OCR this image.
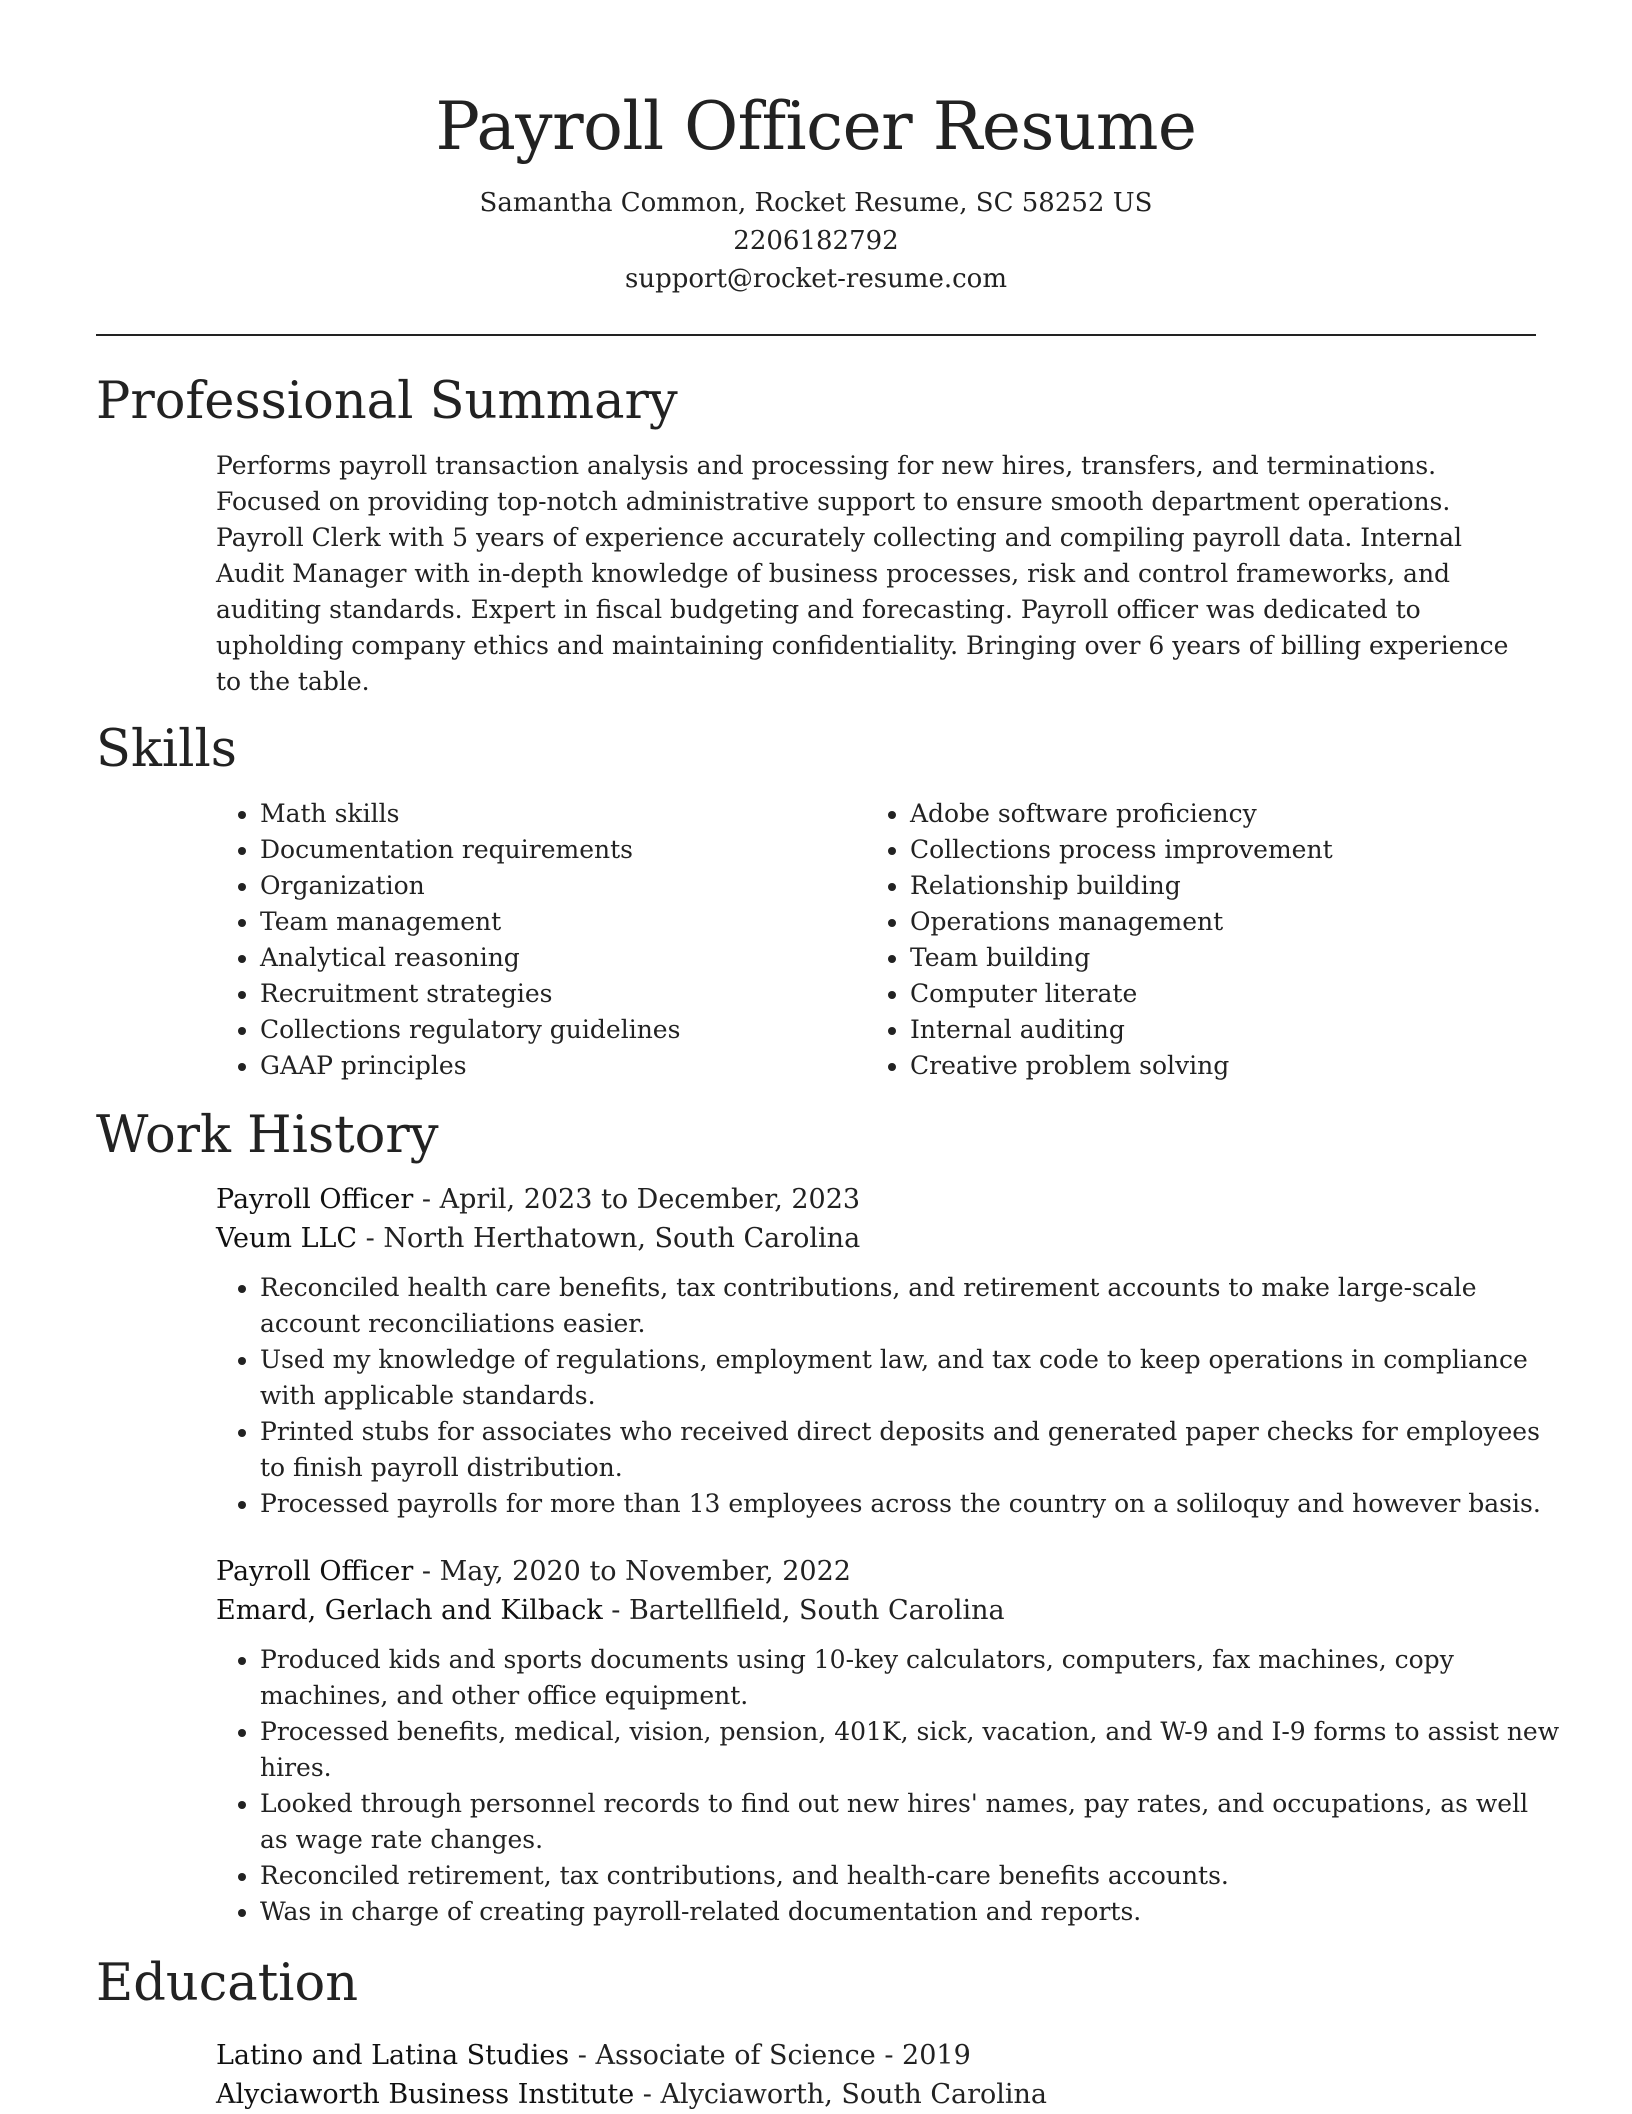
Payroll Officer Resume
Samantha Common, Rocket Resume, SC 58252 US
2206182792
support@rocket-resume.com
Professional Summary

Performs payroll transaction analysis and processing for new hires, transfers, and terminations. Focused on providing top-notch administrative support to ensure smooth department operations. Payroll Clerk with 5 years of experience accurately collecting and compiling payroll data. Internal Audit Manager with in-depth knowledge of business processes, risk and control frameworks, and auditing standards. Expert in fiscal budgeting and forecasting. Payroll officer was dedicated to upholding company ethics and maintaining confidentiality. Bringing over 6 years of billing experience to the table.

Skills
• Math skills
• Documentation requirements
• Organization
• Team management
• Analytical reasoning
• Recruitment strategies
• Collections regulatory guidelines
• GAAP principles
• Adobe software proficiency
• Collections process improvement
• Relationship building
• Operations management
• Team building
• Computer literate
• Internal auditing
• Creative problem solving
Work History
Payroll Officer - April, 2023 to December, 2023
Veum LLC - North Herthatown, South Carolina
• Reconciled health care benefits, tax contributions, and retirement accounts to make large-scale account reconciliations easier.
• Used my knowledge of regulations, employment law, and tax code to keep operations in compliance with applicable standards.
• Printed stubs for associates who received direct deposits and generated paper checks for employees to finish payroll distribution.
• Processed payrolls for more than 13 employees across the country on a soliloquy and however basis.
Payroll Officer - May, 2020 to November, 2022
Emard, Gerlach and Kilback - Bartellfield, South Carolina
• Produced kids and sports documents using 10-key calculators, computers, fax machines, copy machines, and other office equipment.
• Processed benefits, medical, vision, pension, 401K, sick, vacation, and W-9 and I-9 forms to assist new hires.
• Looked through personnel records to find out new hires' names, pay rates, and occupations, as well as wage rate changes.
• Reconciled retirement, tax contributions, and health-care benefits accounts.
• Was in charge of creating payroll-related documentation and reports.
Education
Latino and Latina Studies - Associate of Science - 2019
Alyciaworth Business Institute - Alyciaworth, South Carolina
